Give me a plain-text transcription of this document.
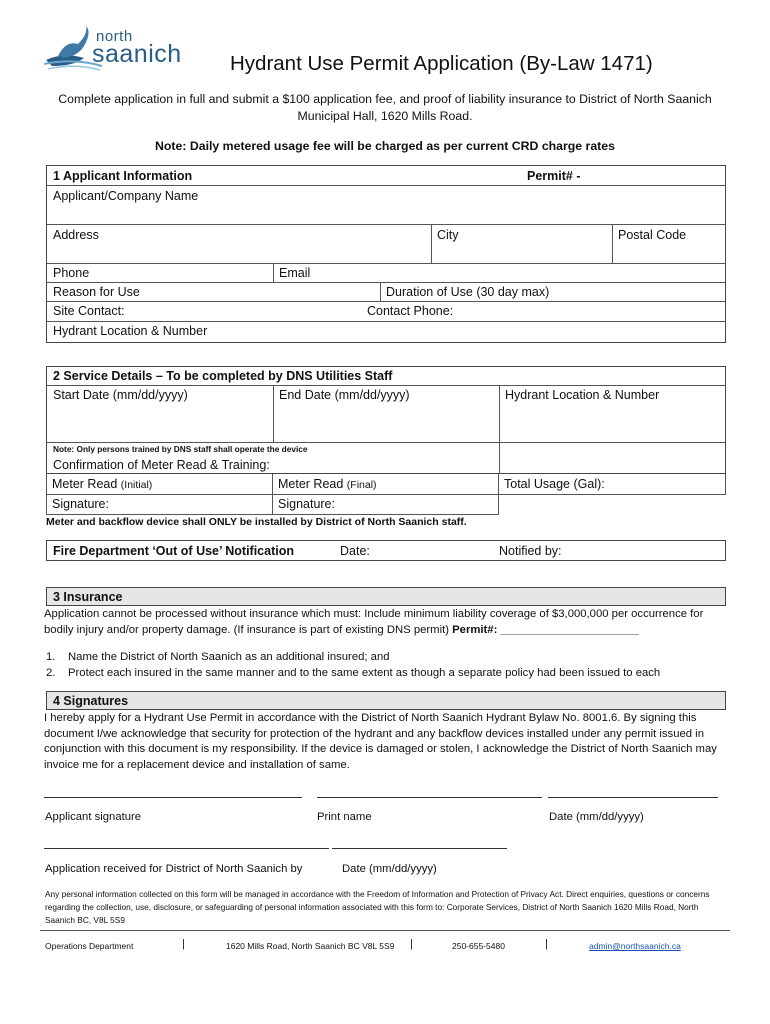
north
saanich	Hydrant Use Permit Application (By-Law 1471)
Complete application in full and submit a $100 application fee, and proof of liability insurance to District of North Saanich Municipal Hall, 1620 Mills Road.
Note: Daily metered usage fee will be charged as per current CRD charge rates
1 Applicant Information	Permit# -
Applicant/Company Name
Address	City	Postal Code
Phone	Email
Reason for Use	Duration of Use (30 day max)
Site Contact:	Contact Phone:
Hydrant Location & Number
2 Service Details – To be completed by DNS Utilities Staff
Start Date (mm/dd/yyyy)	End Date (mm/dd/yyyy)	Hydrant Location & Number
Note: Only persons trained by DNS staff shall operate the device
Confirmation of Meter Read & Training:
Meter Read (Initial)	Meter Read (Final)	Total Usage (Gal):
Signature:	Signature:
Meter and backflow device shall ONLY be installed by District of North Saanich staff.
Fire Department ‘Out of Use’ Notification	Date:	Notified by:
3 Insurance
Application cannot be processed without insurance which must: Include minimum liability coverage of $3,000,000 per occurrence for bodily injury and/or property damage. (If insurance is part of existing DNS permit) Permit#: ______________________
1. Name the District of North Saanich as an additional insured; and
2. Protect each insured in the same manner and to the same extent as though a separate policy had been issued to each
4 Signatures
I hereby apply for a Hydrant Use Permit in accordance with the District of North Saanich Hydrant Bylaw No. 8001.6. By signing this document I/we acknowledge that security for protection of the hydrant and any backflow devices installed under any permit issued in conjunction with this document is my responsibility. If the device is damaged or stolen, I acknowledge the District of North Saanich may invoice me for a replacement device and installation of same.
Applicant signature	Print name	Date (mm/dd/yyyy)
Application received for District of North Saanich by	Date (mm/dd/yyyy)
Any personal information collected on this form will be managed in accordance with the Freedom of Information and Protection of Privacy Act. Direct enquiries, questions or concerns regarding the collection, use, disclosure, or safeguarding of personal information associated with this form to: Corporate Services, District of North Saanich 1620 Mills Road, North Saanich BC, V8L 5S9
Operations Department	|	1620 Mills Road, North Saanich BC V8L 5S9 |	250-655-5480	|	admin@northsaanich.ca
